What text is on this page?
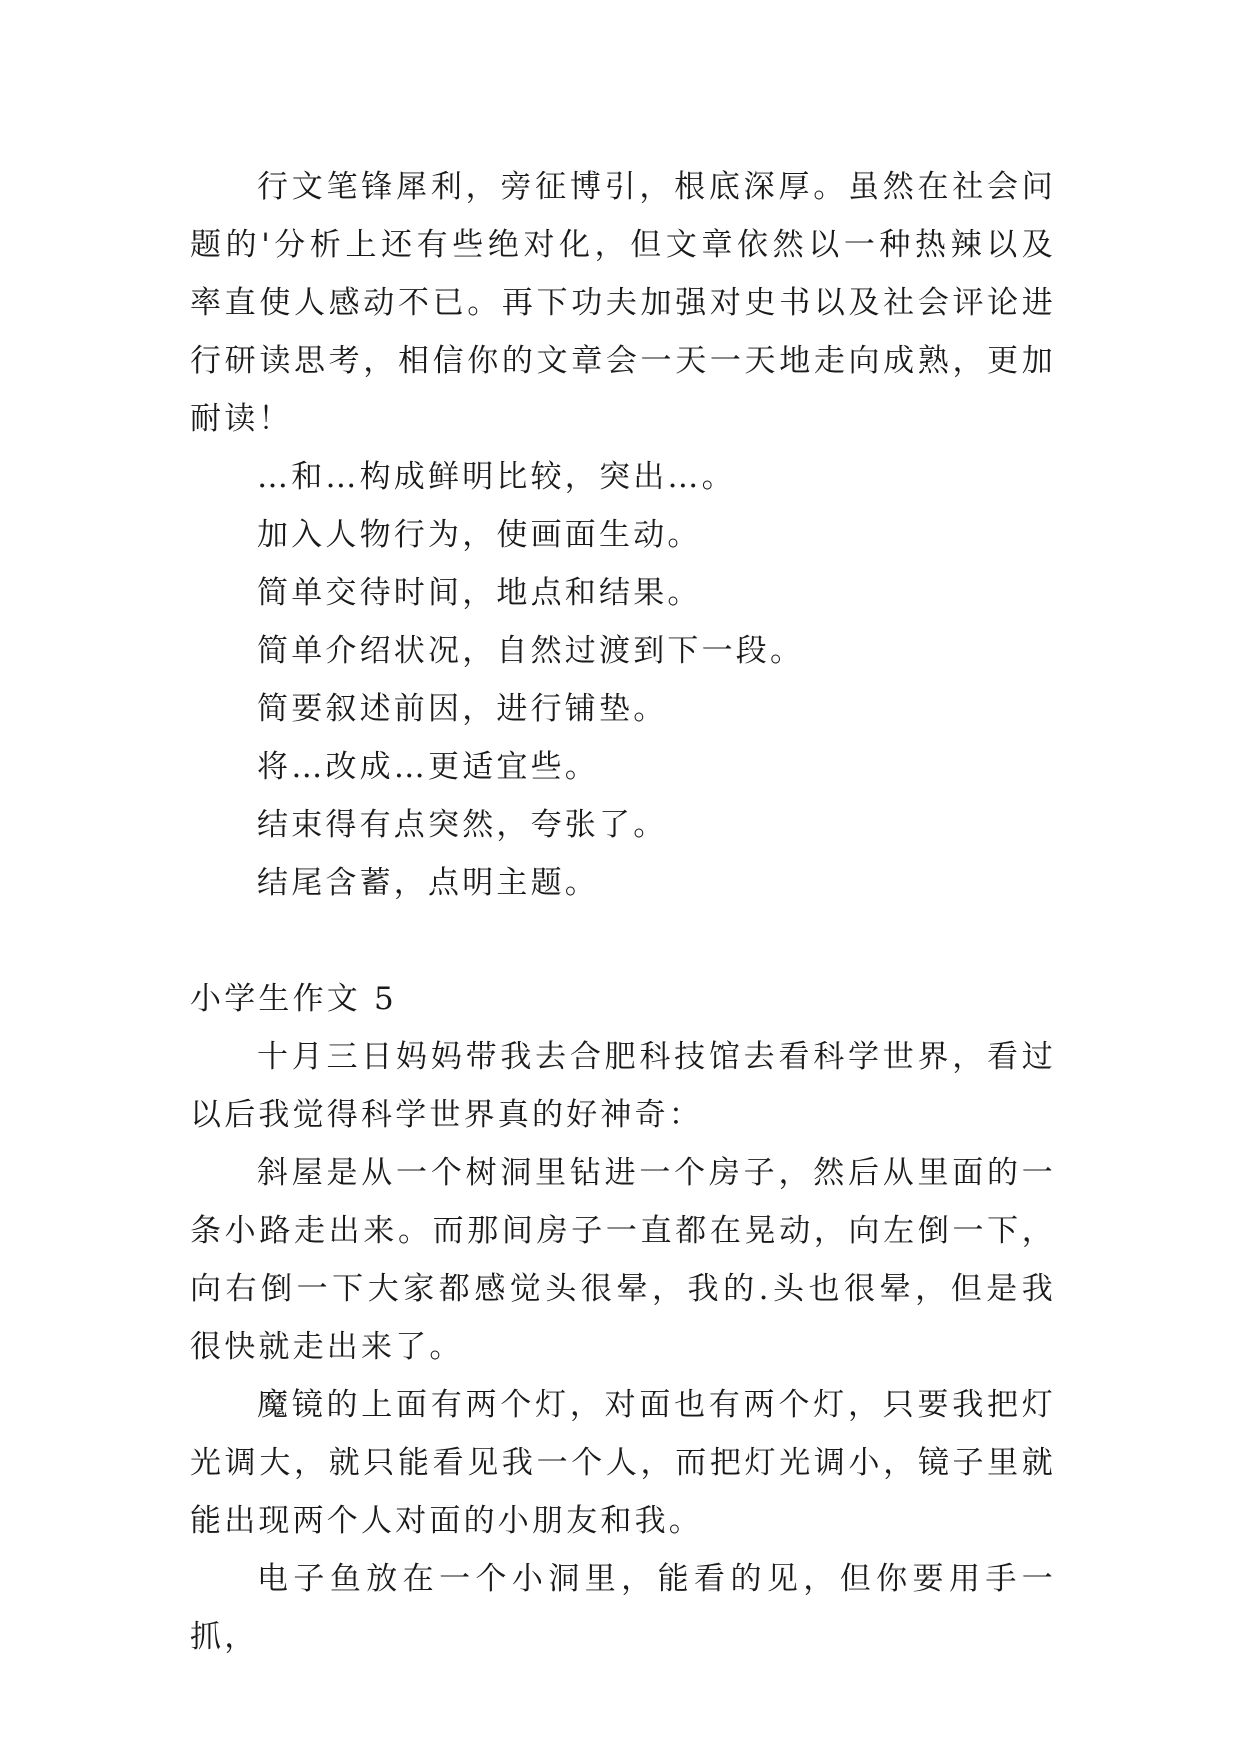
行文笔锋犀利，旁征博引，根底深厚。虽然在社会问题的'分析上还有些绝对化，但文章依然以一种热辣以及率直使人感动不已。再下功夫加强对史书以及社会评论进行研读思考，相信你的文章会一天一天地走向成熟，更加耐读！

…和…构成鲜明比较，突出…。

加入人物行为，使画面生动。

简单交待时间，地点和结果。

简单介绍状况，自然过渡到下一段。

简要叙述前因，进行铺垫。

将…改成…更适宜些。

结束得有点突然，夸张了。

结尾含蓄，点明主题。

小学生作文 5

十月三日妈妈带我去合肥科技馆去看科学世界，看过以后我觉得科学世界真的好神奇：

斜屋是从一个树洞里钻进一个房子，然后从里面的一条小路走出来。而那间房子一直都在晃动，向左倒一下，向右倒一下大家都感觉头很晕，我的.头也很晕，但是我很快就走出来了。

魔镜的上面有两个灯，对面也有两个灯，只要我把灯光调大，就只能看见我一个人，而把灯光调小，镜子里就能出现两个人对面的小朋友和我。

电子鱼放在一个小洞里，能看的见，但你要用手一抓，
